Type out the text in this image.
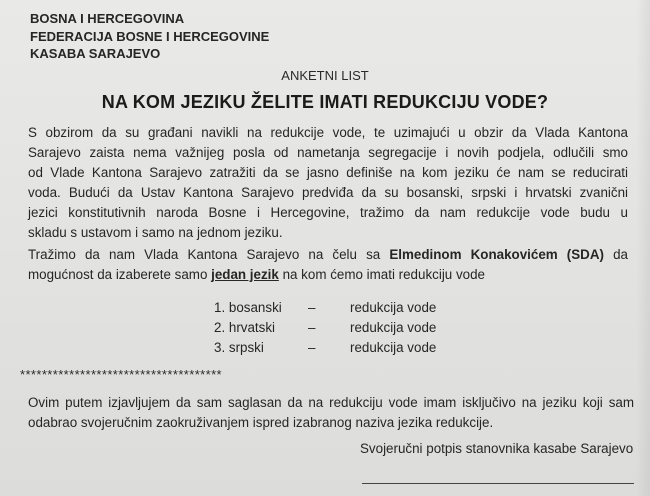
BOSNA I HERCEGOVINA
FEDERACIJA BOSNE I HERCEGOVINE
KASABA SARAJEVO
ANKETNI LIST
NA KOM JEZIKU ŽELITE IMATI REDUKCIJU VODE?
S obzirom da su građani navikli na redukcije vode, te uzimajući u obzir da Vlada Kantona
Sarajevo zaista nema važnijeg posla od nametanja segregacije i novih podjela, odlučili smo
od Vlade Kantona Sarajevo zatražiti da se jasno definiše na kom jeziku će nam se reducirati
voda. Budući da Ustav Kantona Sarajevo predviđa da su bosanski, srpski i hrvatski zvanični
jezici konstitutivnih naroda Bosne i Hercegovine, tražimo da nam redukcije vode budu u
skladu s ustavom i samo na jednom jeziku.
Tražimo da nam Vlada Kantona Sarajevo na čelu sa Elmedinom Konakovićem (SDA) da
mogućnost da izaberete samo jedan jezik na kom ćemo imati redukciju vode
1. bosanski –	redukcija vode
2. hrvatski –	redukcija vode
3. srpski	–	redukcija vode
*************************************
Ovim putem izjavljujem da sam saglasan da na redukciju vode imam isključivo na jeziku koji sam
odabrao svojeručnim zaokruživanjem ispred izabranog naziva jezika redukcije.
Svojeručni potpis stanovnika kasabe Sarajevo
